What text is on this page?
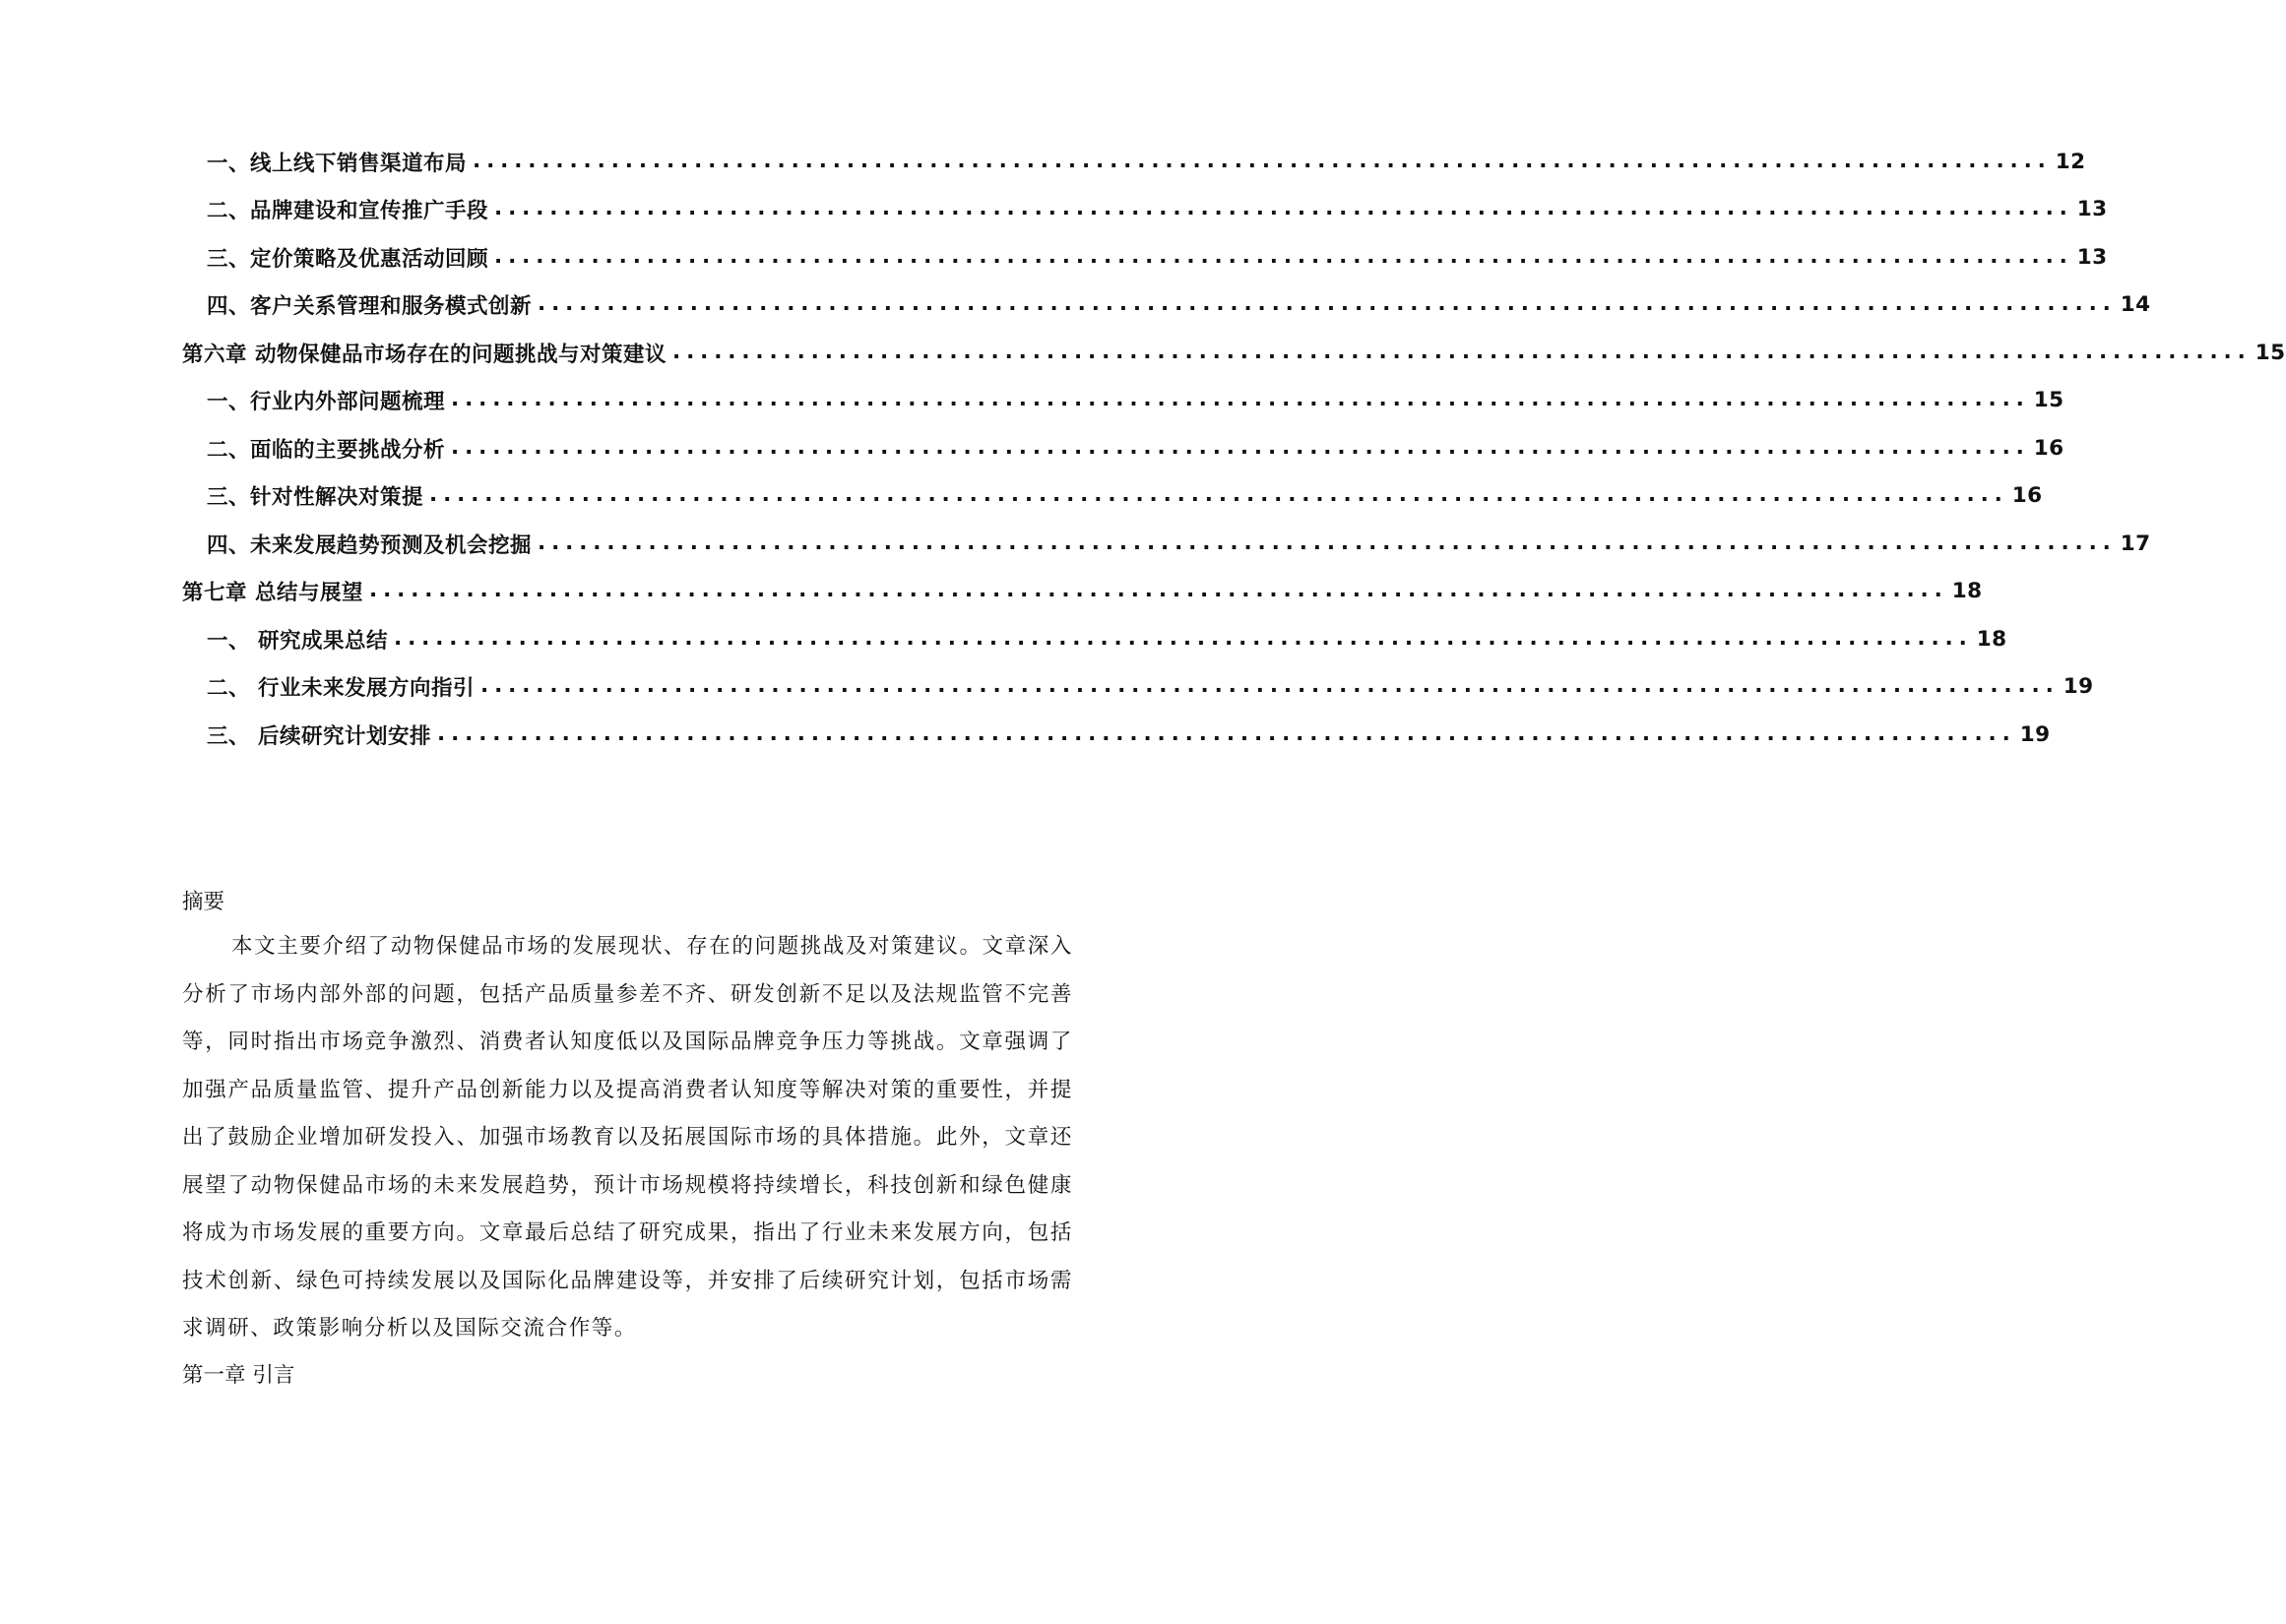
一、线上线下销售渠道布局 .................................................................................................................. 12
二、品牌建设和宣传推广手段 .................................................................................................................. 13
三、定价策略及优惠活动回顾 .................................................................................................................. 13
四、客户关系管理和服务模式创新 .................................................................................................................. 14
第六章 动物保健品市场存在的问题挑战与对策建议 .................................................................................................................. 15
一、行业内外部问题梳理 .................................................................................................................. 15
二、面临的主要挑战分析 .................................................................................................................. 16
三、针对性解决对策提 .................................................................................................................. 16
四、未来发展趋势预测及机会挖掘 .................................................................................................................. 17
第七章 总结与展望 .................................................................................................................. 18
一、 研究成果总结 .................................................................................................................. 18
二、 行业未来发展方向指引 .................................................................................................................. 19
三、 后续研究计划安排 .................................................................................................................. 19
摘要

本文主要介绍了动物保健品市场的发展现状、存在的问题挑战及对策建议。文章深入分析了市场内部外部的问题，包括产品质量参差不齐、研发创新不足以及法规监管不完善等，同时指出市场竞争激烈、消费者认知度低以及国际品牌竞争压力等挑战。文章强调了加强产品质量监管、提升产品创新能力以及提高消费者认知度等解决对策的重要性，并提出了鼓励企业增加研发投入、加强市场教育以及拓展国际市场的具体措施。此外，文章还展望了动物保健品市场的未来发展趋势，预计市场规模将持续增长，科技创新和绿色健康将成为市场发展的重要方向。文章最后总结了研究成果，指出了行业未来发展方向，包括技术创新、绿色可持续发展以及国际化品牌建设等，并安排了后续研究计划，包括市场需求调研、政策影响分析以及国际交流合作等。

第一章 引言
